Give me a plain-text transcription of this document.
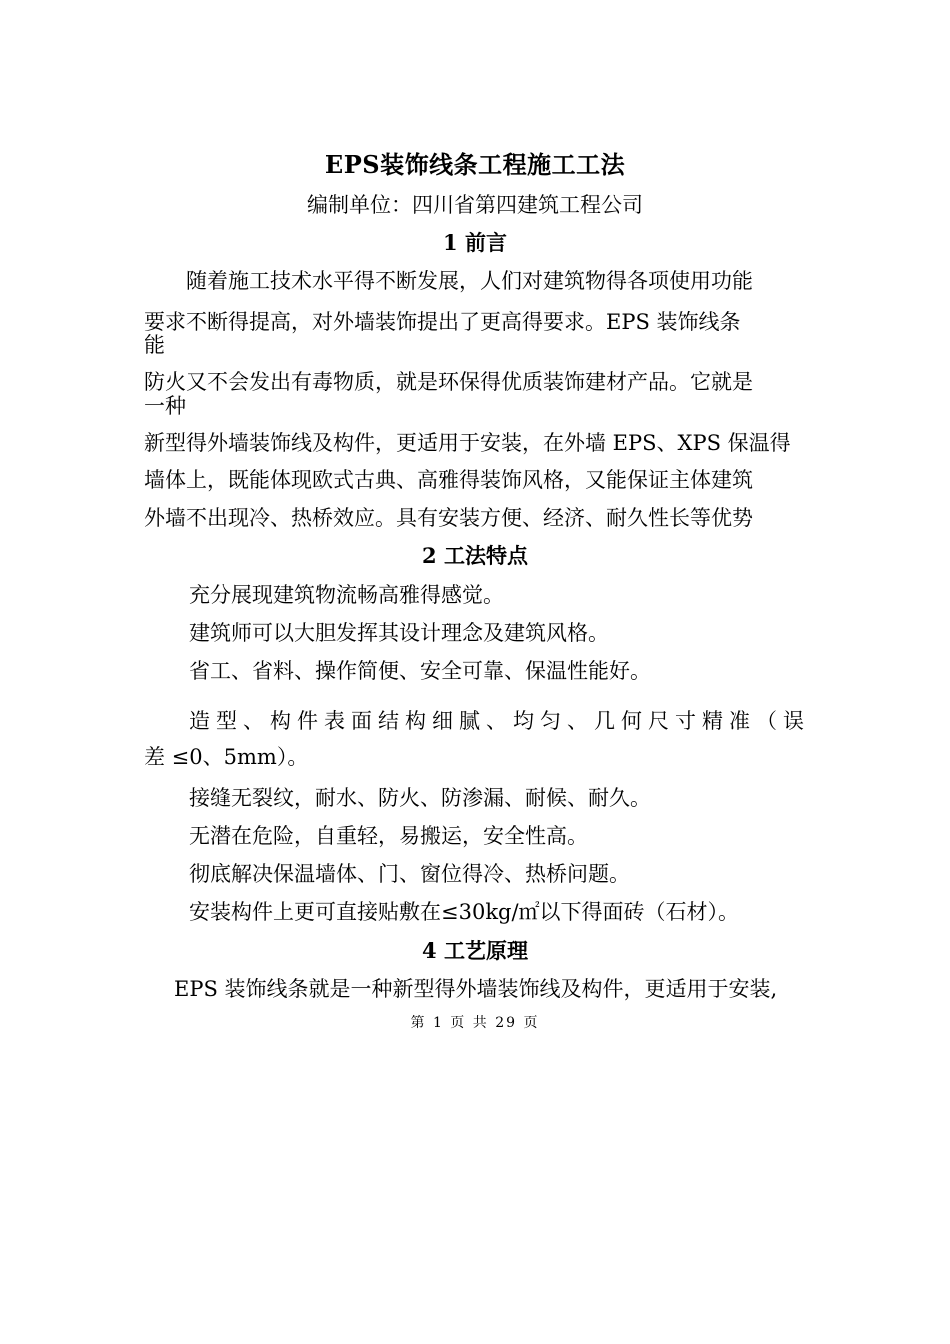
EPS装饰线条工程施工工法
编制单位：四川省第四建筑工程公司
1 前言
随着施工技术水平得不断发展，人们对建筑物得各项使用功能
要求不断得提高，对外墙装饰提出了更高得要求。EPS 装饰线条
能
防火又不会发出有毒物质，就是环保得优质装饰建材产品。它就是
一种
新型得外墙装饰线及构件，更适用于安装，在外墙 EPS、XPS 保温得
墙体上，既能体现欧式古典、高雅得装饰风格，又能保证主体建筑
外墙不出现冷、热桥效应。具有安装方便、经济、耐久性长等优势
2 工法特点
充分展现建筑物流畅高雅得感觉。
建筑师可以大胆发挥其设计理念及建筑风格。
省工、省料、操作简便、安全可靠、保温性能好。
造型、构件表面结构细腻、均匀、几何尺寸精准（误
差 ≤0、5mm）。
接缝无裂纹，耐水、防火、防渗漏、耐候、耐久。
无潜在危险，自重轻，易搬运，安全性高。
彻底解决保温墙体、门、窗位得冷、热桥问题。
安装构件上更可直接贴敷在≤30kg/㎡以下得面砖（石材）。
4 工艺原理
EPS 装饰线条就是一种新型得外墙装饰线及构件，更适用于安装,
第 1 页 共 29 页
